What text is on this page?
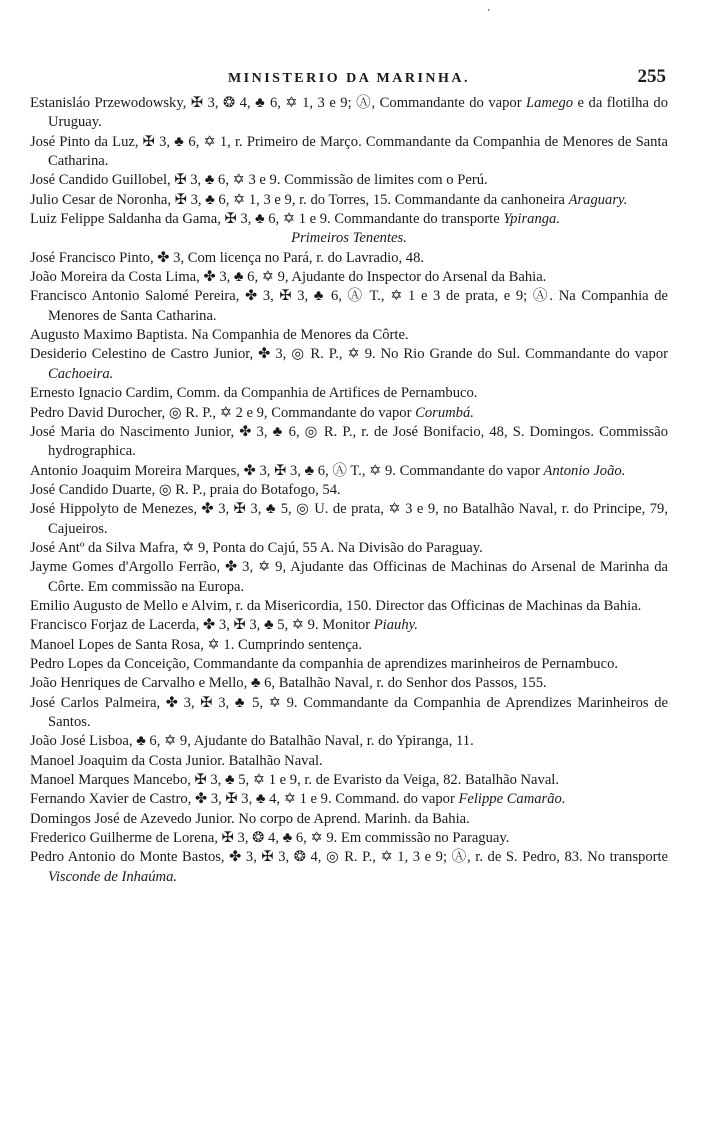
'
MINISTERIO DA MARINHA.	255
Estanisláo Przewodowsky, ✠ 3, ❂ 4, ♣ 6, ✡ 1, 3 e 9; Ⓐ, Commandante do vapor Lamego e da flotilha do Uruguay.
José Pinto da Luz, ✠ 3, ♣ 6, ✡ 1, r. Primeiro de Março. Commandante da Companhia de Menores de Santa Catharina.
José Candido Guillobel, ✠ 3, ♣ 6, ✡ 3 e 9. Commissão de limites com o Perú.
Julio Cesar de Noronha, ✠ 3, ♣ 6, ✡ 1, 3 e 9, r. do Torres, 15. Commandante da canhoneira Araguary.
Luiz Felippe Saldanha da Gama, ✠ 3, ♣ 6, ✡ 1 e 9. Commandante do transporte Ypiranga.
Primeiros Tenentes.
José Francisco Pinto, ✤ 3, Com licença no Pará, r. do Lavradio, 48.
João Moreira da Costa Lima, ✤ 3, ♣ 6, ✡ 9, Ajudante do Inspector do Arsenal da Bahia.
Francisco Antonio Salomé Pereira, ✤ 3, ✠ 3, ♣ 6, Ⓐ T., ✡ 1 e 3 de prata, e 9; Ⓐ. Na Companhia de Menores de Santa Catharina.
Augusto Maximo Baptista. Na Companhia de Menores da Côrte.
Desiderio Celestino de Castro Junior, ✤ 3, ◎ R. P., ✡ 9. No Rio Grande do Sul. Commandante do vapor Cachoeira.
Ernesto Ignacio Cardim, Comm. da Companhia de Artifices de Pernambuco.
Pedro David Durocher, ◎ R. P., ✡ 2 e 9, Commandante do vapor Corumbá.
José Maria do Nascimento Junior, ✤ 3, ♣ 6, ◎ R. P., r. de José Bonifacio, 48, S. Domingos. Commissão hydrographica.
Antonio Joaquim Moreira Marques, ✤ 3, ✠ 3, ♣ 6, Ⓐ T., ✡ 9. Commandante do vapor Antonio João.
José Candido Duarte, ◎ R. P., praia do Botafogo, 54.
José Hippolyto de Menezes, ✤ 3, ✠ 3, ♣ 5, ◎ U. de prata, ✡ 3 e 9, no Batalhão Naval, r. do Principe, 79, Cajueiros.
José Antº da Silva Mafra, ✡ 9, Ponta do Cajú, 55 A. Na Divisão do Paraguay.
Jayme Gomes d'Argollo Ferrão, ✤ 3, ✡ 9, Ajudante das Officinas de Machinas do Arsenal de Marinha da Côrte. Em commissão na Europa.
Emilio Augusto de Mello e Alvim, r. da Misericordia, 150. Director das Officinas de Machinas da Bahia.
Francisco Forjaz de Lacerda, ✤ 3, ✠ 3, ♣ 5, ✡ 9. Monitor Piauhy.
Manoel Lopes de Santa Rosa, ✡ 1. Cumprindo sentença.
Pedro Lopes da Conceição, Commandante da companhia de aprendizes marinheiros de Pernambuco.
João Henriques de Carvalho e Mello, ♣ 6, Batalhão Naval, r. do Senhor dos Passos, 155.
José Carlos Palmeira, ✤ 3, ✠ 3, ♣ 5, ✡ 9. Commandante da Companhia de Aprendizes Marinheiros de Santos.
João José Lisboa, ♣ 6, ✡ 9, Ajudante do Batalhão Naval, r. do Ypiranga, 11.
Manoel Joaquim da Costa Junior. Batalhão Naval.
Manoel Marques Mancebo, ✠ 3, ♣ 5, ✡ 1 e 9, r. de Evaristo da Veiga, 82. Batalhão Naval.
Fernando Xavier de Castro, ✤ 3, ✠ 3, ♣ 4, ✡ 1 e 9. Command. do vapor Felippe Camarão.
Domingos José de Azevedo Junior. No corpo de Aprend. Marinh. da Bahia.
Frederico Guilherme de Lorena, ✠ 3, ❂ 4, ♣ 6, ✡ 9. Em commissão no Paraguay.
Pedro Antonio do Monte Bastos, ✤ 3, ✠ 3, ❂ 4, ◎ R. P., ✡ 1, 3 e 9; Ⓐ, r. de S. Pedro, 83. No transporte Visconde de Inhaúma.
